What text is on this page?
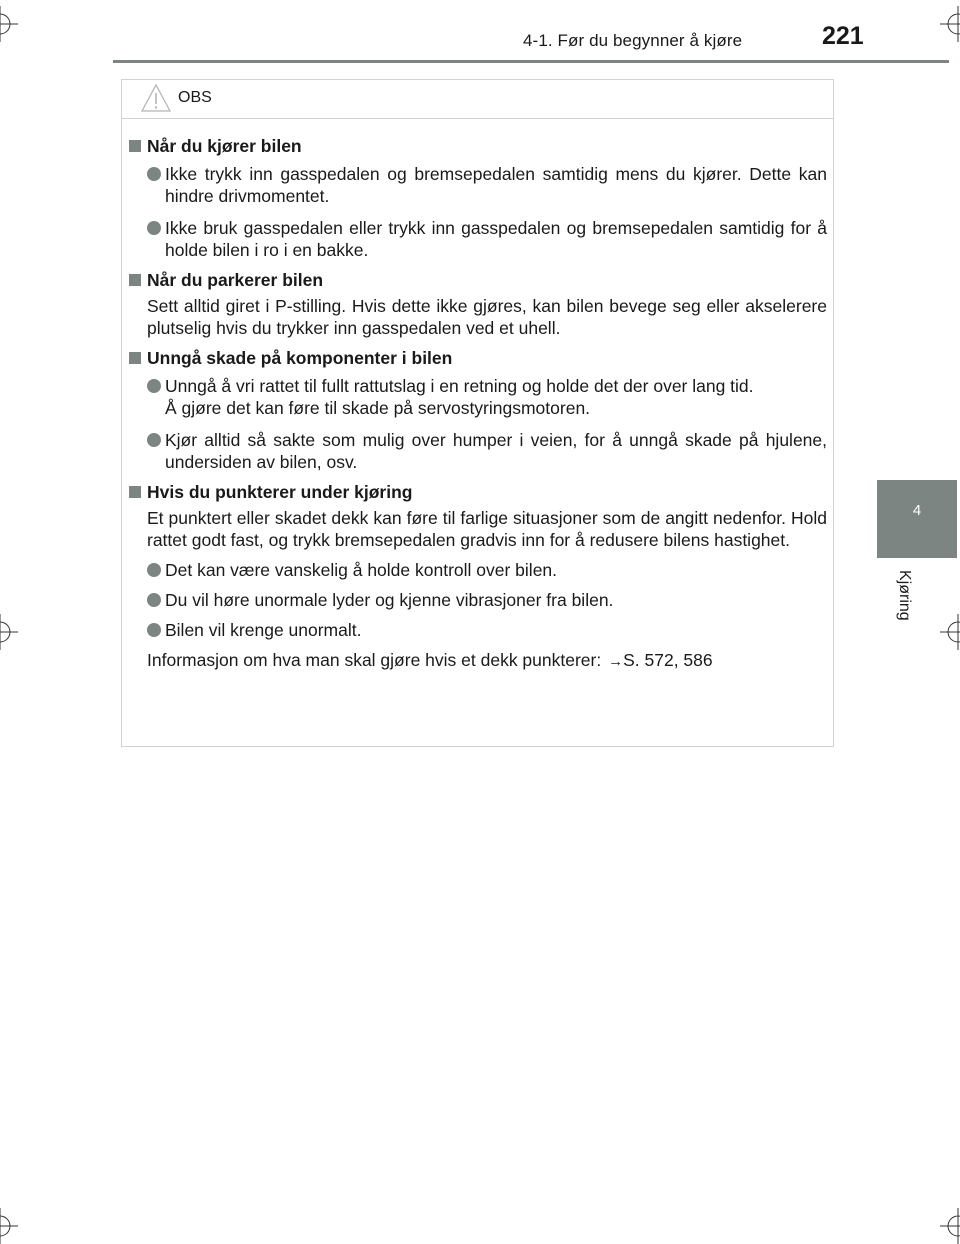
4-1. Før du begynner å kjøre	221
4
Kjøring
OBS
Når du kjører bilen
Ikke trykk inn gasspedalen og bremsepedalen samtidig mens du kjører. Dette kan hindre drivmomentet.
Ikke bruk gasspedalen eller trykk inn gasspedalen og bremsepedalen samtidig for å holde bilen i ro i en bakke.
Når du parkerer bilen
Sett alltid giret i P-stilling. Hvis dette ikke gjøres, kan bilen bevege seg eller akselerere plutselig hvis du trykker inn gasspedalen ved et uhell.
Unngå skade på komponenter i bilen
Unngå å vri rattet til fullt rattutslag i en retning og holde det der over lang tid.
Å gjøre det kan føre til skade på servostyringsmotoren.
Kjør alltid så sakte som mulig over humper i veien, for å unngå skade på hjulene, undersiden av bilen, osv.
Hvis du punkterer under kjøring
Et punktert eller skadet dekk kan føre til farlige situasjoner som de angitt nedenfor. Hold rattet godt fast, og trykk bremsepedalen gradvis inn for å redusere bilens hastighet.
Det kan være vanskelig å holde kontroll over bilen.
Du vil høre unormale lyder og kjenne vibrasjoner fra bilen.
Bilen vil krenge unormalt.
Informasjon om hva man skal gjøre hvis et dekk punkterer: →S. 572, 586
